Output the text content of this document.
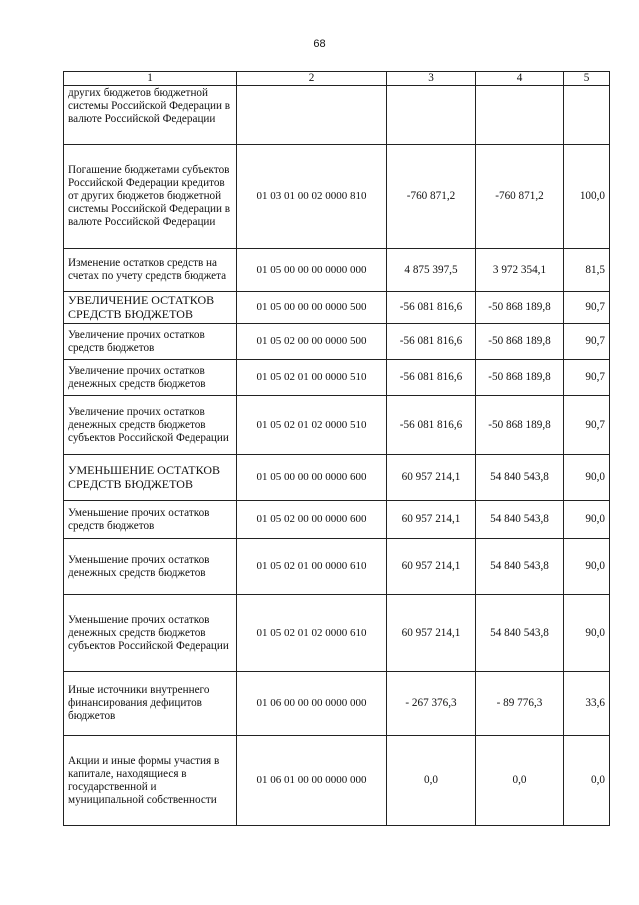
68
1	2	3	4	5
других бюджетов бюджетной системы Российской Федерации в валюте Российской Федерации				
Погашение бюджетами субъектов Российской Федерации кредитов от других бюджетов бюджетной системы Российской Федерации в валюте Российской Федерации	01 03 01 00 02 0000 810	-760 871,2	-760 871,2	100,0
Изменение остатков средств на счетах по учету средств бюджета	01 05 00 00 00 0000 000	4 875 397,5	3 972 354,1	81,5
УВЕЛИЧЕНИЕ ОСТАТКОВ СРЕДСТВ БЮДЖЕТОВ	01 05 00 00 00 0000 500	-56 081 816,6	-50 868 189,8	90,7
Увеличение прочих остатков средств бюджетов	01 05 02 00 00 0000 500	-56 081 816,6	-50 868 189,8	90,7
Увеличение прочих остатков денежных средств бюджетов	01 05 02 01 00 0000 510	-56 081 816,6	-50 868 189,8	90,7
Увеличение прочих остатков денежных средств бюджетов субъектов Российской Федерации	01 05 02 01 02 0000 510	-56 081 816,6	-50 868 189,8	90,7
УМЕНЬШЕНИЕ ОСТАТКОВ СРЕДСТВ БЮДЖЕТОВ	01 05 00 00 00 0000 600	60 957 214,1	54 840 543,8	90,0
Уменьшение прочих остатков средств бюджетов	01 05 02 00 00 0000 600	60 957 214,1	54 840 543,8	90,0
Уменьшение прочих остатков денежных средств бюджетов	01 05 02 01 00 0000 610	60 957 214,1	54 840 543,8	90,0
Уменьшение прочих остатков денежных средств бюджетов субъектов Российской Федерации	01 05 02 01 02 0000 610	60 957 214,1	54 840 543,8	90,0
Иные источники внутреннего финансирования дефицитов бюджетов	01 06 00 00 00 0000 000	- 267 376,3	- 89 776,3	33,6
Акции и иные формы участия в капитале, находящиеся в государственной и муниципальной собственности	01 06 01 00 00 0000 000	0,0	0,0	0,0
